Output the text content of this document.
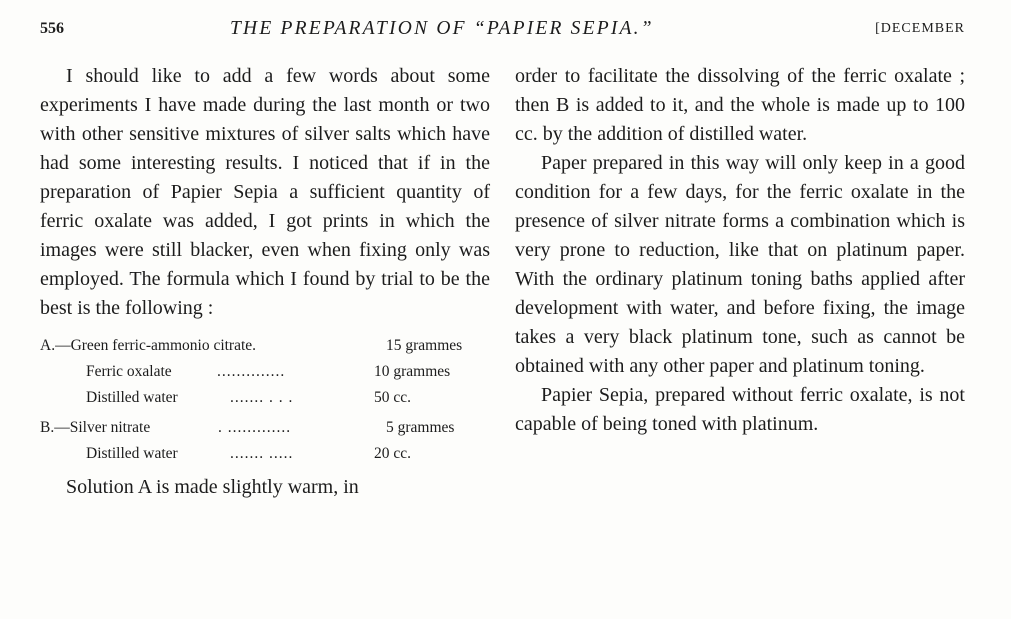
556	THE PREPARATION OF “PAPIER SEPIA.”	[DECEMBER

I should like to add a few words about some experiments I have made during the last month or two with other sensitive mixtures of silver salts which have had some interesting results. I noticed that if in the preparation of Papier Sepia a sufficient quantity of ferric oxalate was added, I got prints in which the images were still blacker, even when fixing only was employed. The formula which I found by trial to be the best is the following :

A.—Green ferric-ammonio citrate.	15 grammes
Ferric oxalate	..............	10 grammes
Distilled water	....... . . .	50 cc.
B.—Silver nitrate	. .............	5 grammes
Distilled water	....... .....	20 cc.

Solution A is made slightly warm, in

order to facilitate the dissolving of the ferric oxalate ; then B is added to it, and the whole is made up to 100 cc. by the addition of distilled water.

Paper prepared in this way will only keep in a good condition for a few days, for the ferric oxalate in the presence of silver nitrate forms a combination which is very prone to reduction, like that on platinum paper. With the ordinary platinum toning baths applied after development with water, and before fixing, the image takes a very black platinum tone, such as cannot be obtained with any other paper and platinum toning.

Papier Sepia, prepared without ferric oxalate, is not capable of being toned with platinum.
